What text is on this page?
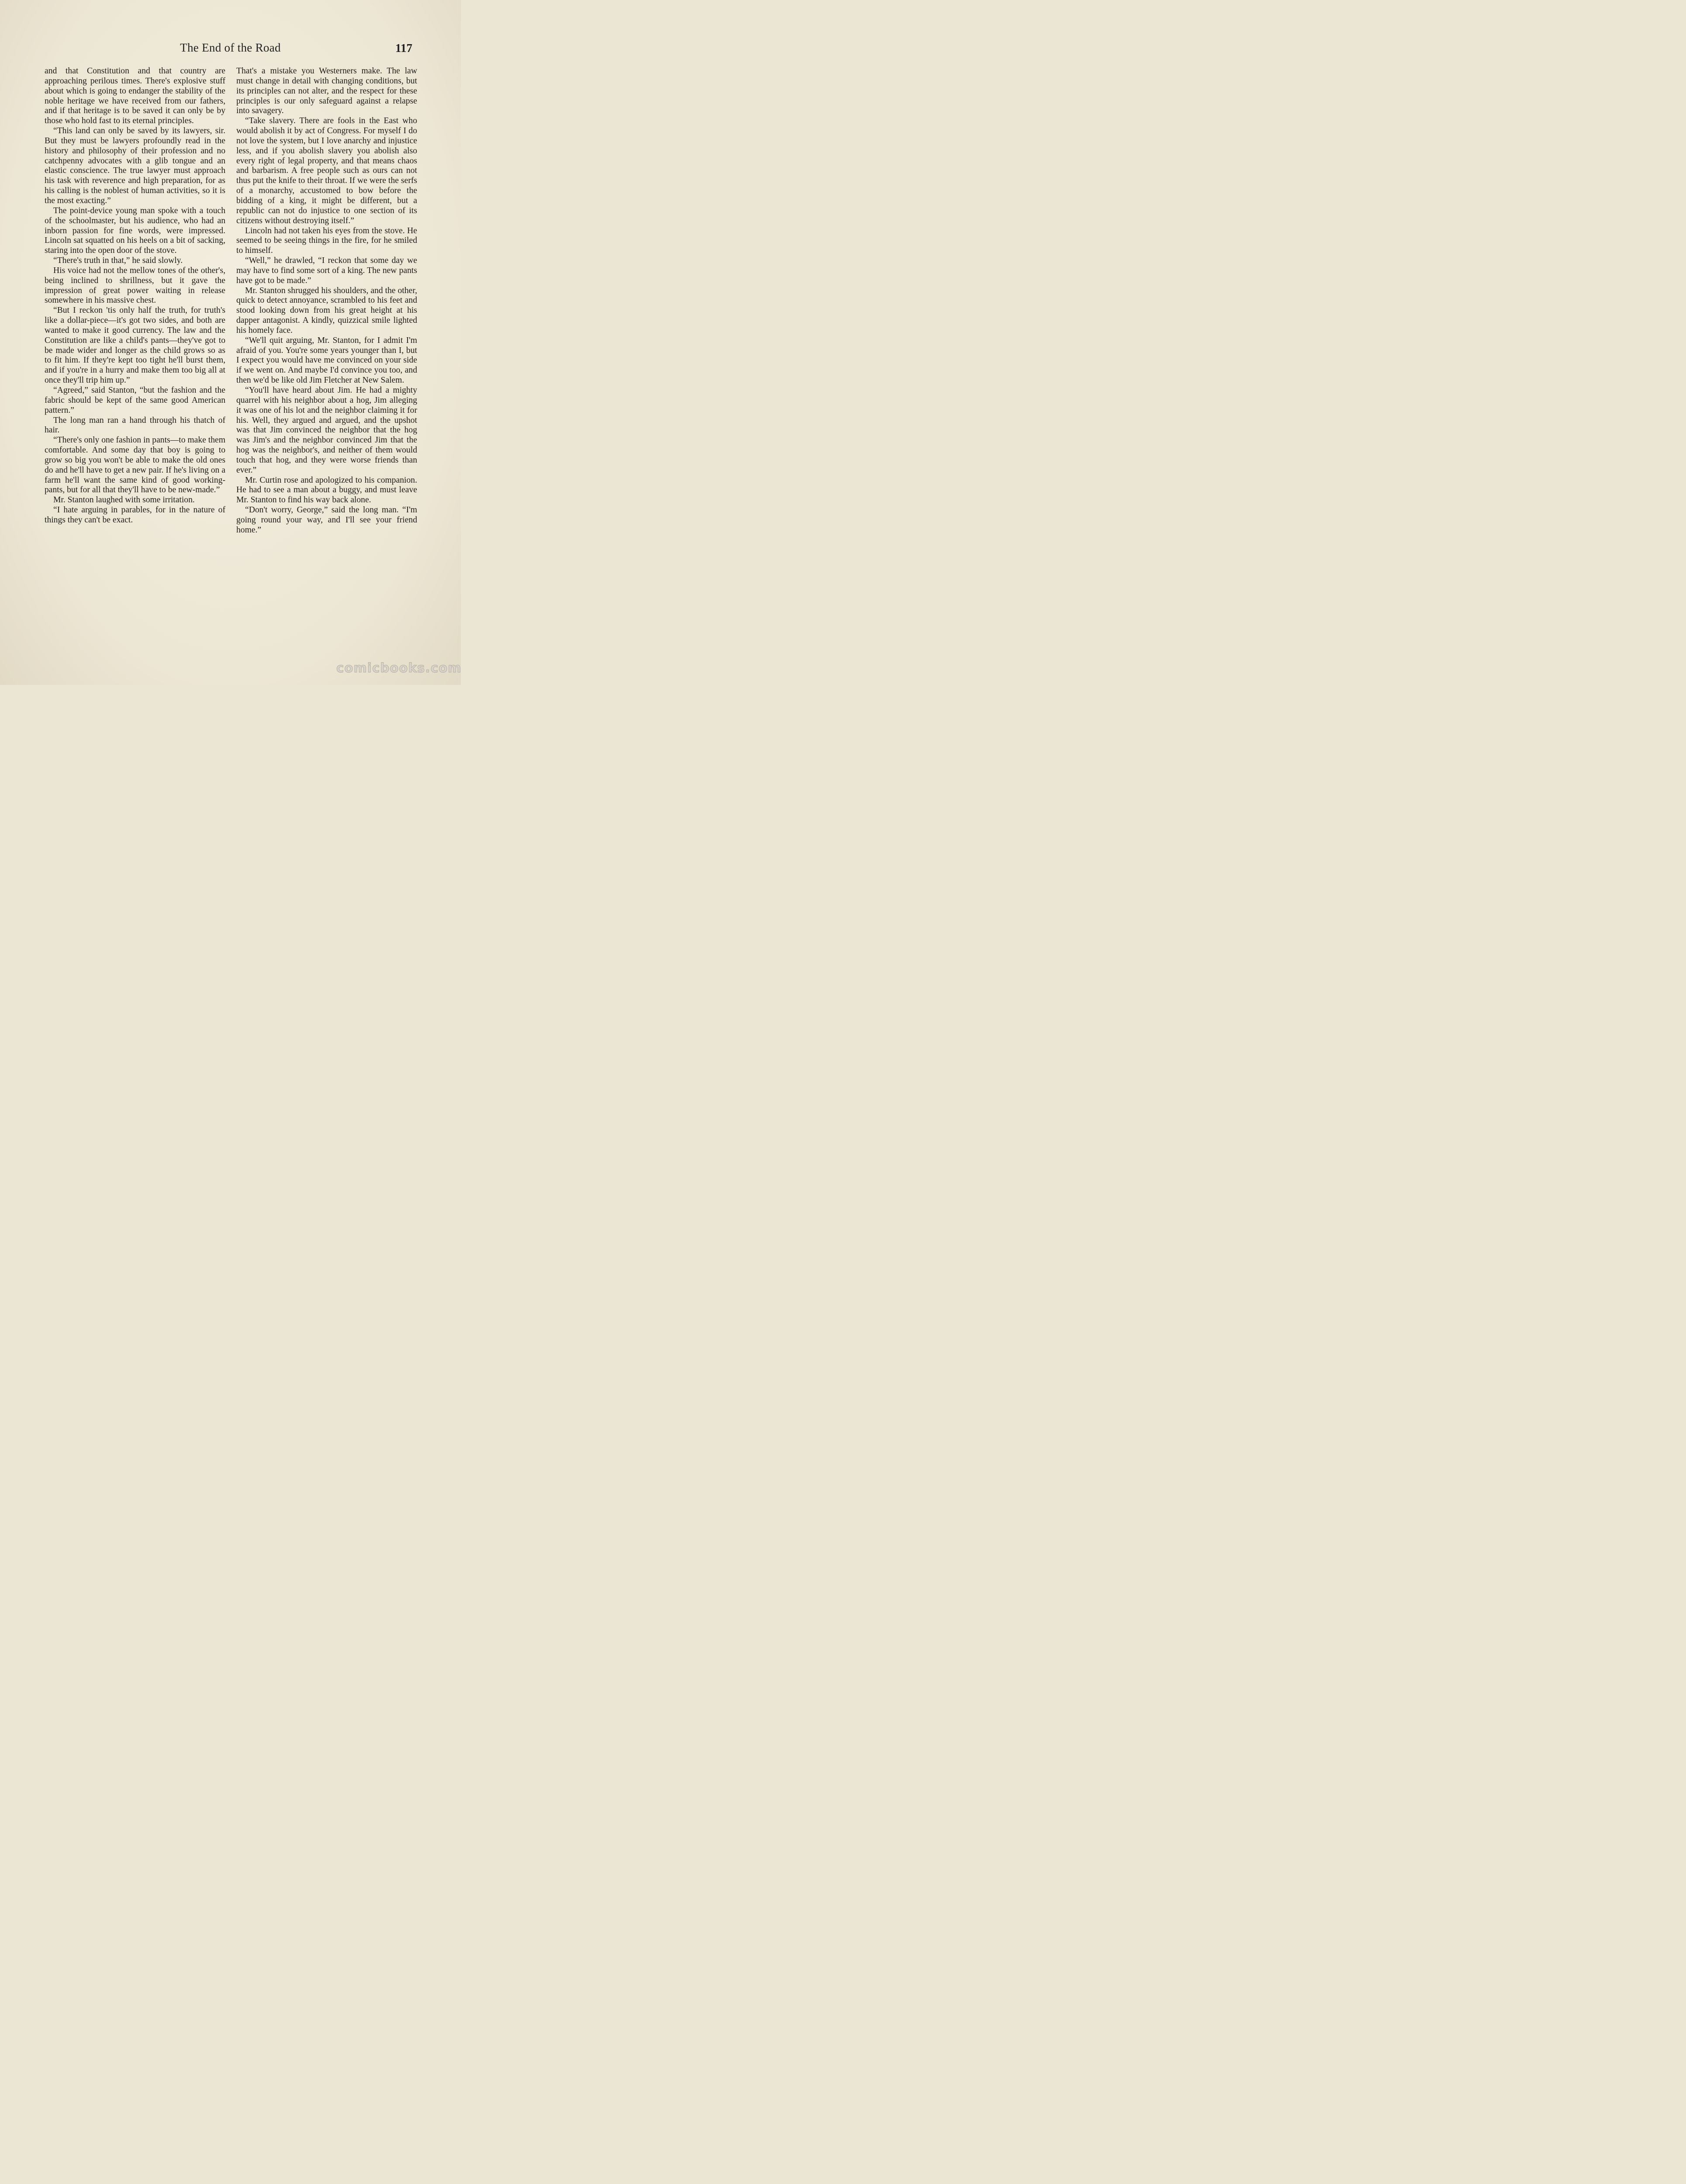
The End of the Road	117

and that Constitution and that country are approaching perilous times. There's explosive stuff about which is going to endanger the stability of the noble heritage we have received from our fathers, and if that heritage is to be saved it can only be by those who hold fast to its eternal principles.

“This land can only be saved by its lawyers, sir. But they must be lawyers profoundly read in the history and philosophy of their profession and no catchpenny advocates with a glib tongue and an elastic conscience. The true lawyer must approach his task with reverence and high preparation, for as his calling is the noblest of human activities, so it is the most exacting.”

The point-device young man spoke with a touch of the schoolmaster, but his audience, who had an inborn passion for fine words, were impressed. Lincoln sat squatted on his heels on a bit of sacking, staring into the open door of the stove.

“There's truth in that,” he said slowly.

His voice had not the mellow tones of the other's, being inclined to shrillness, but it gave the impression of great power waiting in release somewhere in his massive chest.

“But I reckon 'tis only half the truth, for truth's like a dollar-piece—it's got two sides, and both are wanted to make it good currency. The law and the Constitution are like a child's pants—they've got to be made wider and longer as the child grows so as to fit him. If they're kept too tight he'll burst them, and if you're in a hurry and make them too big all at once they'll trip him up.”

“Agreed,” said Stanton, “but the fashion and the fabric should be kept of the same good American pattern.”

The long man ran a hand through his thatch of hair.

“There's only one fashion in pants—to make them comfortable. And some day that boy is going to grow so big you won't be able to make the old ones do and he'll have to get a new pair. If he's living on a farm he'll want the same kind of good working-pants, but for all that they'll have to be new-made.”

Mr. Stanton laughed with some irritation.

“I hate arguing in parables, for in the nature of things they can't be exact.

That's a mistake you Westerners make. The law must change in detail with changing conditions, but its principles can not alter, and the respect for these principles is our only safeguard against a relapse into savagery.

“Take slavery. There are fools in the East who would abolish it by act of Congress. For myself I do not love the system, but I love anarchy and injustice less, and if you abolish slavery you abolish also every right of legal property, and that means chaos and barbarism. A free people such as ours can not thus put the knife to their throat. If we were the serfs of a monarchy, accustomed to bow before the bidding of a king, it might be different, but a republic can not do injustice to one section of its citizens without destroying itself.”

Lincoln had not taken his eyes from the stove. He seemed to be seeing things in the fire, for he smiled to himself.

“Well,” he drawled, “I reckon that some day we may have to find some sort of a king. The new pants have got to be made.”

Mr. Stanton shrugged his shoulders, and the other, quick to detect annoyance, scrambled to his feet and stood looking down from his great height at his dapper antagonist. A kindly, quizzical smile lighted his homely face.

“We'll quit arguing, Mr. Stanton, for I admit I'm afraid of you. You're some years younger than I, but I expect you would have me convinced on your side if we went on. And maybe I'd convince you too, and then we'd be like old Jim Fletcher at New Salem.

“You'll have heard about Jim. He had a mighty quarrel with his neighbor about a hog, Jim alleging it was one of his lot and the neighbor claiming it for his. Well, they argued and argued, and the upshot was that Jim convinced the neighbor that the hog was Jim's and the neighbor convinced Jim that the hog was the neighbor's, and neither of them would touch that hog, and they were worse friends than ever.”

Mr. Curtin rose and apologized to his companion. He had to see a man about a buggy, and must leave Mr. Stanton to find his way back alone.

“Don't worry, George,” said the long man. “I'm going round your way, and I'll see your friend home.”

comicbooks.com
